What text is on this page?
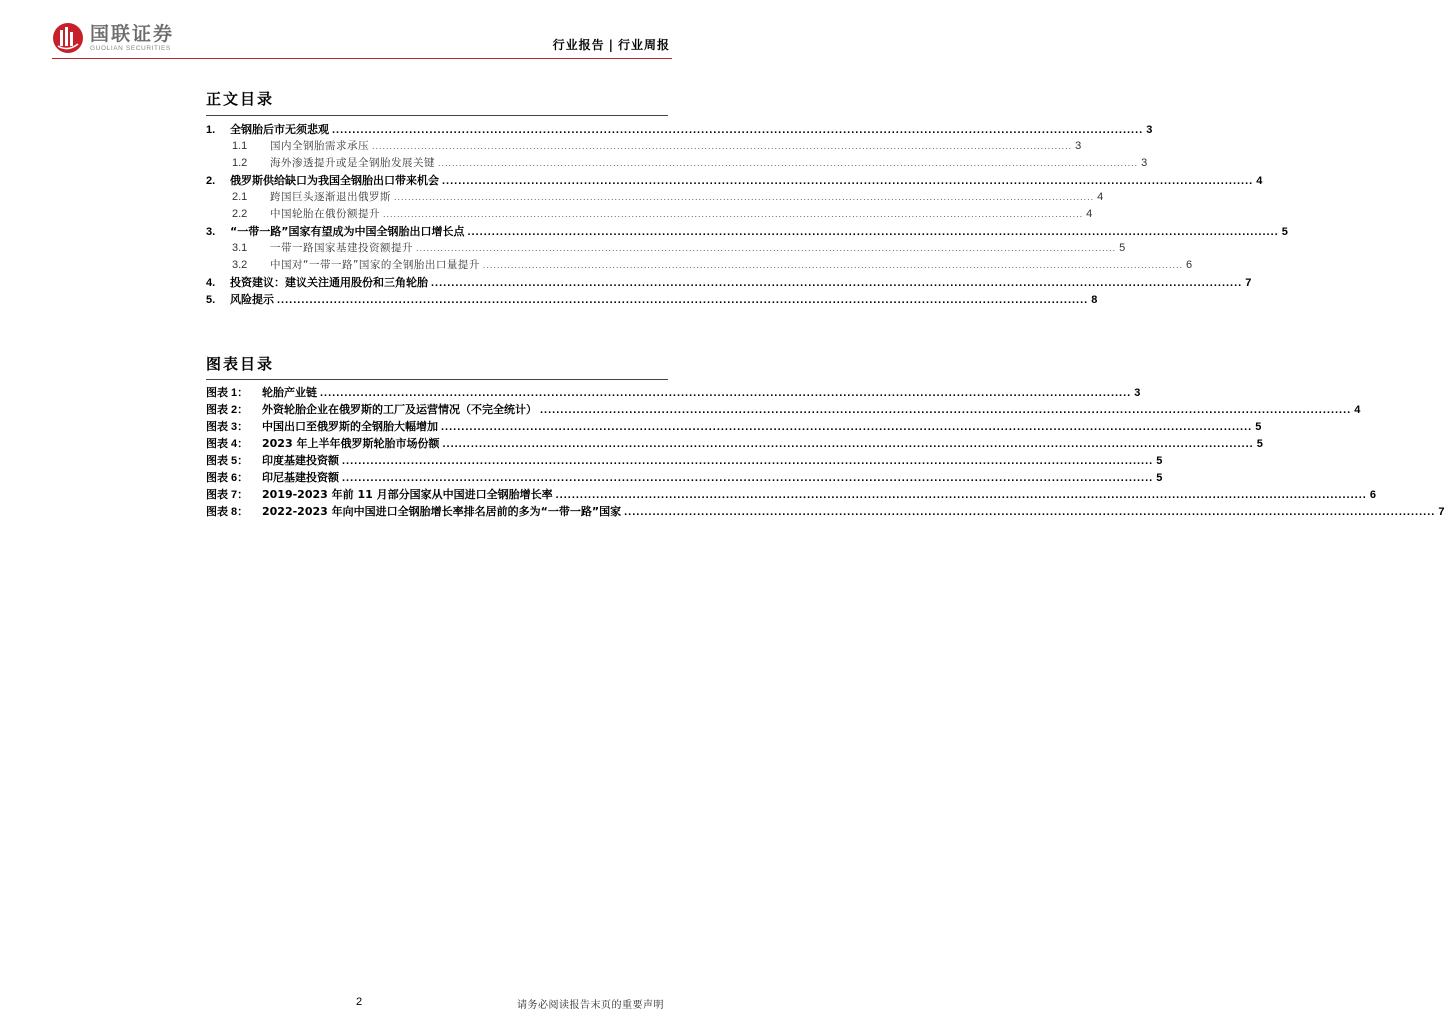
国联证券
GUOLIAN SECURITIES	行业报告 | 行业周报
正文目录
1.	全钢胎后市无须悲观 ........................................................................................................................................................................................................ 3
1.1	国内全钢胎需求承压 ........................................................................................................................................................................................................ 3
1.2	海外渗透提升或是全钢胎发展关键 ........................................................................................................................................................................................................ 3
2.	俄罗斯供给缺口为我国全钢胎出口带来机会 ........................................................................................................................................................................................................ 4
2.1	跨国巨头逐渐退出俄罗斯 ........................................................................................................................................................................................................ 4
2.2	中国轮胎在俄份额提升 ........................................................................................................................................................................................................ 4
3.	“一带一路”国家有望成为中国全钢胎出口增长点 ........................................................................................................................................................................................................ 5
3.1	一带一路国家基建投资额提升 ........................................................................................................................................................................................................ 5
3.2	中国对“一带一路”国家的全钢胎出口量提升 ........................................................................................................................................................................................................ 6
4.	投资建议：建议关注通用股份和三角轮胎 ........................................................................................................................................................................................................ 7
5.	风险提示 ........................................................................................................................................................................................................ 8
图表目录
图表 1：	轮胎产业链 ........................................................................................................................................................................................................ 3
图表 2：	外资轮胎企业在俄罗斯的工厂及运营情况（不完全统计） ........................................................................................................................................................................................................ 4
图表 3：	中国出口至俄罗斯的全钢胎大幅增加 ........................................................................................................................................................................................................ 5
图表 4：	2023 年上半年俄罗斯轮胎市场份额 ........................................................................................................................................................................................................ 5
图表 5：	印度基建投资额 ........................................................................................................................................................................................................ 5
图表 6：	印尼基建投资额 ........................................................................................................................................................................................................ 5
图表 7：	2019-2023 年前 11 月部分国家从中国进口全钢胎增长率 ........................................................................................................................................................................................................ 6
图表 8：	2022-2023 年向中国进口全钢胎增长率排名居前的多为“一带一路”国家 ........................................................................................................................................................................................................ 7
2	请务必阅读报告末页的重要声明
